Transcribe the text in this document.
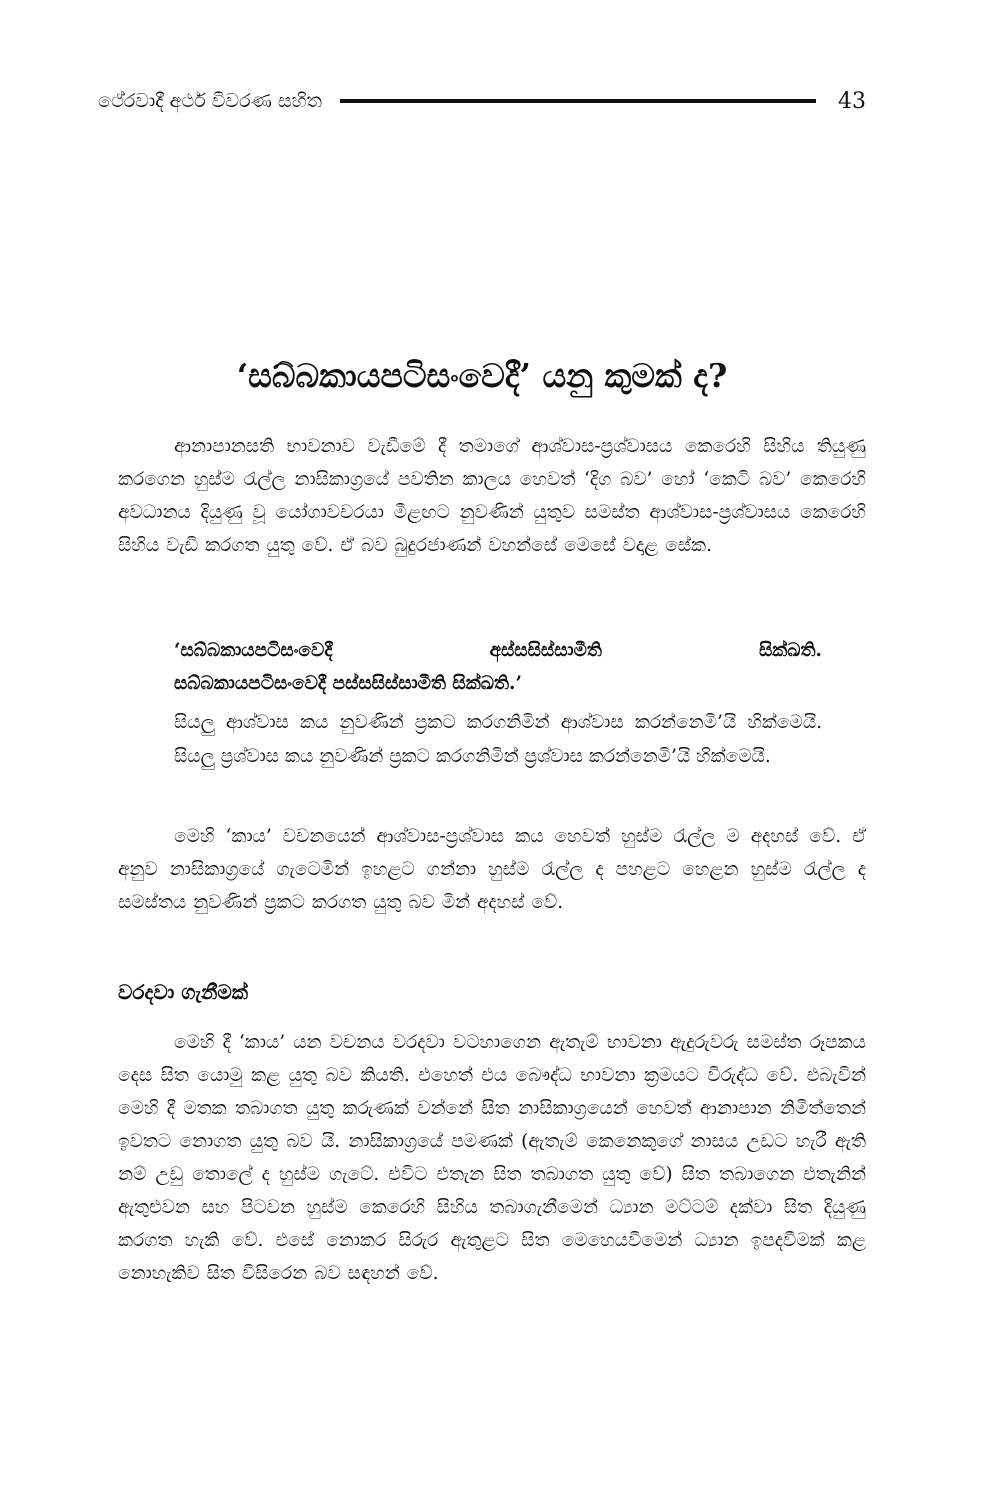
ථේරවාදී අර්ථ විවරණ සහිත	43
‘සබ්බකායපටිසංවෙදී’ යනු කුමක් ද?

ආනාපානසති භාවනාව වැඩීමේ දී තමාගේ ආශ්වාස-ප්‍රශ්වාසය කෙරෙහි සිහිය තියුණු කරගෙන හුස්ම රැල්ල නාසිකාග්‍රයේ පවතින කාලය හෙවත් ‘දිග බව’ හෝ ‘කෙටි බව’ කෙරෙහි අවධානය දියුණු වූ යෝගාවචරයා මීළඟට නුවණින් යුතුව සමස්ත ආශ්වාස-ප්‍රශ්වාසය කෙරෙහි සිහිය වැඩි කරගත යුතු වේ. ඒ බව බුදුරජාණන් වහන්සේ මෙසේ වදාළ සේක.

‘සබ්බකායපටිසංවෙදී	අස්සසිස්සාමීති	සික්ඛති.
සබ්බකායපටිසංවෙදී පස්සසිස්සාමීති සික්ඛති.’

සියලු ආශ්වාස කය නුවණින් ප්‍රකට කරගනිමින් ආශ්වාස කරන්නෙමි’යි හික්මෙයි. සියලු ප්‍රශ්වාස කය නුවණින් ප්‍රකට කරගනිමින් ප්‍රශ්වාස කරන්නෙමි’යි හික්මෙයි.

මෙහි ‘කාය’ වචනයෙන් ආශ්වාස-ප්‍රශ්වාස කය හෙවත් හුස්ම රැල්ල ම අදහස් වේ. ඒ අනුව නාසිකාග්‍රයේ ගැටෙමින් ඉහළට ගන්නා හුස්ම රැල්ල ද පහළට හෙළන හුස්ම රැල්ල ද සමස්තය නුවණින් ප්‍රකට කරගත යුතු බව මින් අදහස් වේ.

වරදවා ගැනීමක්

මෙහි දී ‘කාය’ යන වචනය වරදවා වටහාගෙන ඇතැම් භාවනා ඇදුරුවරු සමස්ත රූපකය දෙස සිත යොමු කළ යුතු බව කියති. එහෙත් එය බෞද්ධ භාවනා ක්‍රමයට විරුද්ධ වේ. එබැවින් මෙහි දී මතක තබාගත යුතු කරුණක් වන්නේ සිත නාසිකාග්‍රයෙන් හෙවත් ආනාපාන නිමිත්තෙන් ඉවතට නොගත යුතු බව යි. නාසිකාග්‍රයේ පමණක් (ඇතැම් කෙනෙකුගේ නාසය උඩට හැරී ඇති නම් උඩු තොලේ ද හුස්ම ගැටේ. එවිට එතැන සිත තබාගත යුතු වේ) සිත තබාගෙන එතැනින් ඇතුළුවන සහ පිටවන හුස්ම කෙරෙහි සිහිය තබාගැනීමෙන් ධ්‍යාන මට්ටම් දක්වා සිත දියුණු කරගත හැකි වේ. එසේ නොකර සිරුර ඇතුළට සිත මෙහෙයවීමෙන් ධ්‍යාන ඉපදවීමක් කළ නොහැකිව සිත විසිරෙන බව සඳහන් වේ.
